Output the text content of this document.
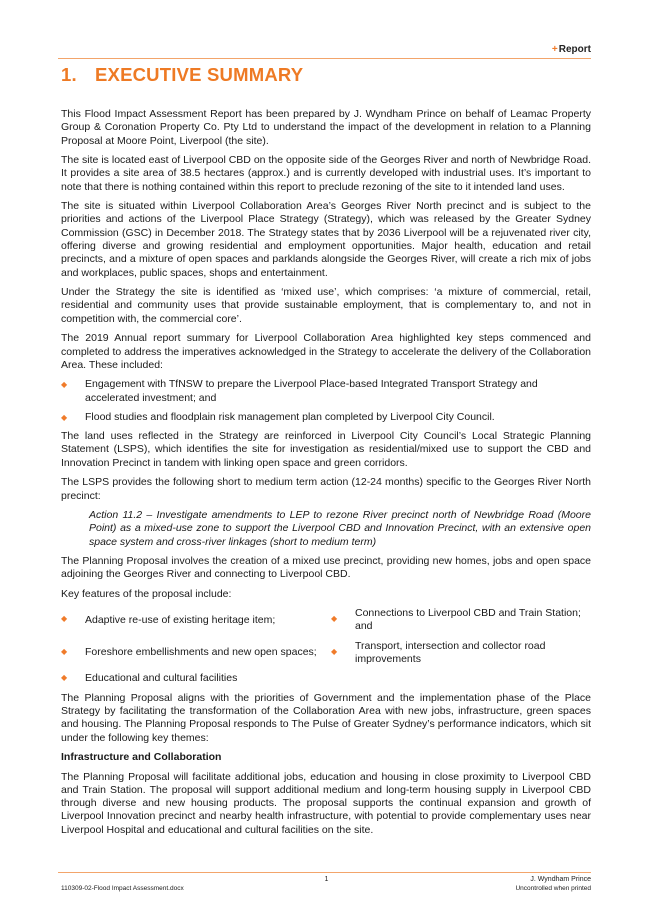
+Report
1. EXECUTIVE SUMMARY

This Flood Impact Assessment Report has been prepared by J. Wyndham Prince on behalf of Leamac Property Group & Coronation Property Co. Pty Ltd to understand the impact of the development in relation to a Planning Proposal at Moore Point, Liverpool (the site).

The site is located east of Liverpool CBD on the opposite side of the Georges River and north of Newbridge Road. It provides a site area of 38.5 hectares (approx.) and is currently developed with industrial uses. It’s important to note that there is nothing contained within this report to preclude rezoning of the site to it intended land uses.

The site is situated within Liverpool Collaboration Area’s Georges River North precinct and is subject to the priorities and actions of the Liverpool Place Strategy (Strategy), which was released by the Greater Sydney Commission (GSC) in December 2018. The Strategy states that by 2036 Liverpool will be a rejuvenated river city, offering diverse and growing residential and employment opportunities. Major health, education and retail precincts, and a mixture of open spaces and parklands alongside the Georges River, will create a rich mix of jobs and workplaces, public spaces, shops and entertainment.

Under the Strategy the site is identified as ‘mixed use’, which comprises: ‘a mixture of commercial, retail, residential and community uses that provide sustainable employment, that is complementary to, and not in competition with, the commercial core’.

The 2019 Annual report summary for Liverpool Collaboration Area highlighted key steps commenced and completed to address the imperatives acknowledged in the Strategy to accelerate the delivery of the Collaboration Area. These included:

◆ Engagement with TfNSW to prepare the Liverpool Place-based Integrated Transport Strategy and accelerated investment; and
◆ Flood studies and floodplain risk management plan completed by Liverpool City Council.

The land uses reflected in the Strategy are reinforced in Liverpool City Council’s Local Strategic Planning Statement (LSPS), which identifies the site for investigation as residential/mixed use to support the CBD and Innovation Precinct in tandem with linking open space and green corridors.

The LSPS provides the following short to medium term action (12-24 months) specific to the Georges River North precinct:

Action 11.2 – Investigate amendments to LEP to rezone River precinct north of Newbridge Road (Moore Point) as a mixed-use zone to support the Liverpool CBD and Innovation Precinct, with an extensive open space system and cross-river linkages (short to medium term)

The Planning Proposal involves the creation of a mixed use precinct, providing new homes, jobs and open space adjoining the Georges River and connecting to Liverpool CBD.

Key features of the proposal include:

◆ Adaptive re-use of existing heritage item;	◆ Connections to Liverpool CBD and Train Station; and
◆ Foreshore embellishments and new open spaces; ◆ Transport, intersection and collector road improvements
◆ Educational and cultural facilities

The Planning Proposal aligns with the priorities of Government and the implementation phase of the Place Strategy by facilitating the transformation of the Collaboration Area with new jobs, infrastructure, green spaces and housing. The Planning Proposal responds to The Pulse of Greater Sydney’s performance indicators, which sit under the following key themes:

Infrastructure and Collaboration

The Planning Proposal will facilitate additional jobs, education and housing in close proximity to Liverpool CBD and Train Station. The proposal will support additional medium and long-term housing supply in Liverpool CBD through diverse and new housing products. The proposal supports the continual expansion and growth of Liverpool Innovation precinct and nearby health infrastructure, with potential to provide complementary uses near Liverpool Hospital and educational and cultural facilities on the site.

1	J. Wyndham Prince
110309-02-Flood Impact Assessment.docx	Uncontrolled when printed
